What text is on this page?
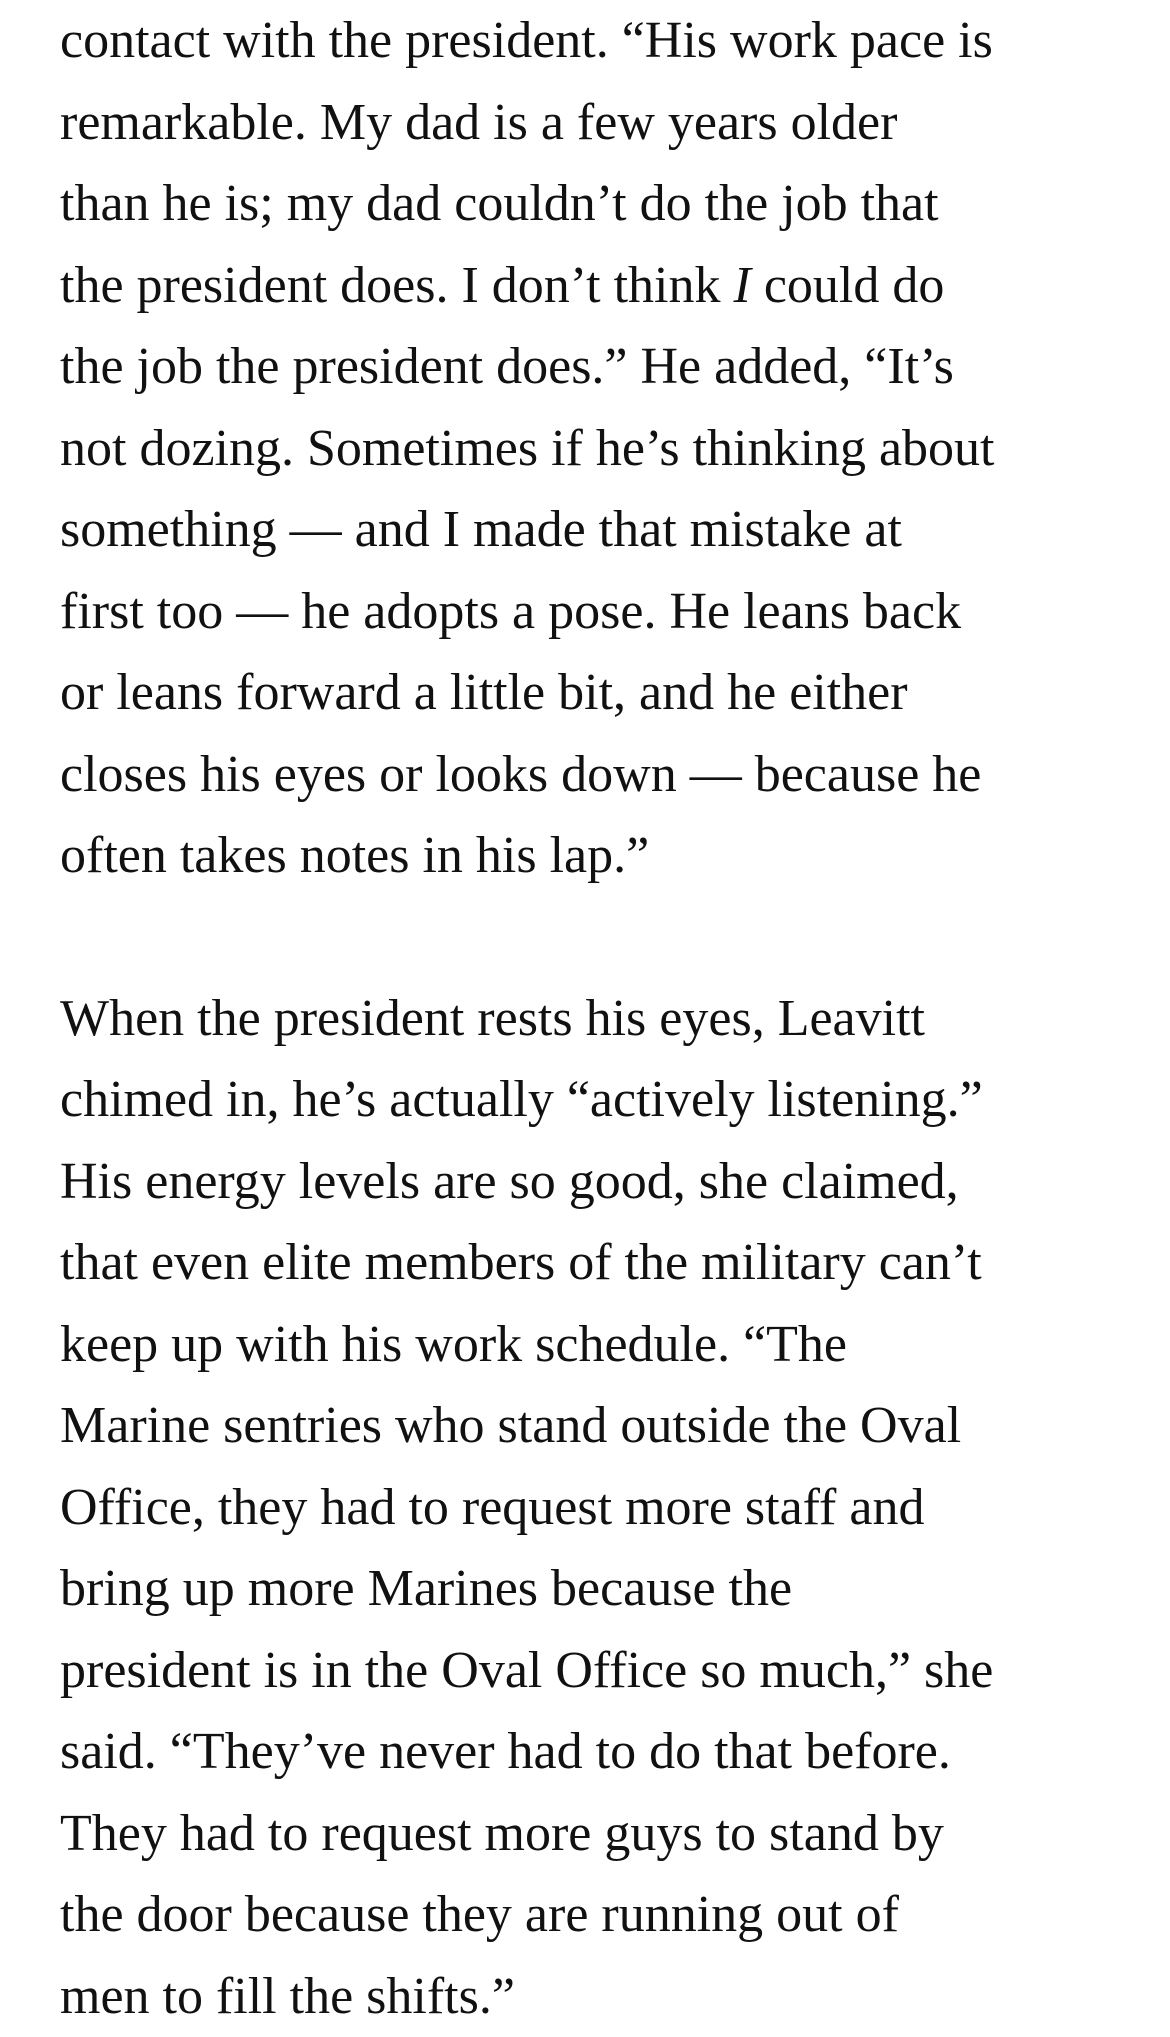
contact with the president. “His work pace is
remarkable. My dad is a few years older
than he is; my dad couldn’t do the job that
the president does. I don’t think I could do
the job the president does.” He added, “It’s
not dozing. Sometimes if he’s thinking about
something — and I made that mistake at
first too — he adopts a pose. He leans back
or leans forward a little bit, and he either
closes his eyes or looks down — because he
often takes notes in his lap.”

When the president rests his eyes, Leavitt
chimed in, he’s actually “actively listening.”
His energy levels are so good, she claimed,
that even elite members of the military can’t
keep up with his work schedule. “The
Marine sentries who stand outside the Oval
Office, they had to request more staff and
bring up more Marines because the
president is in the Oval Office so much,” she
said. “They’ve never had to do that before.
They had to request more guys to stand by
the door because they are running out of
men to fill the shifts.”
